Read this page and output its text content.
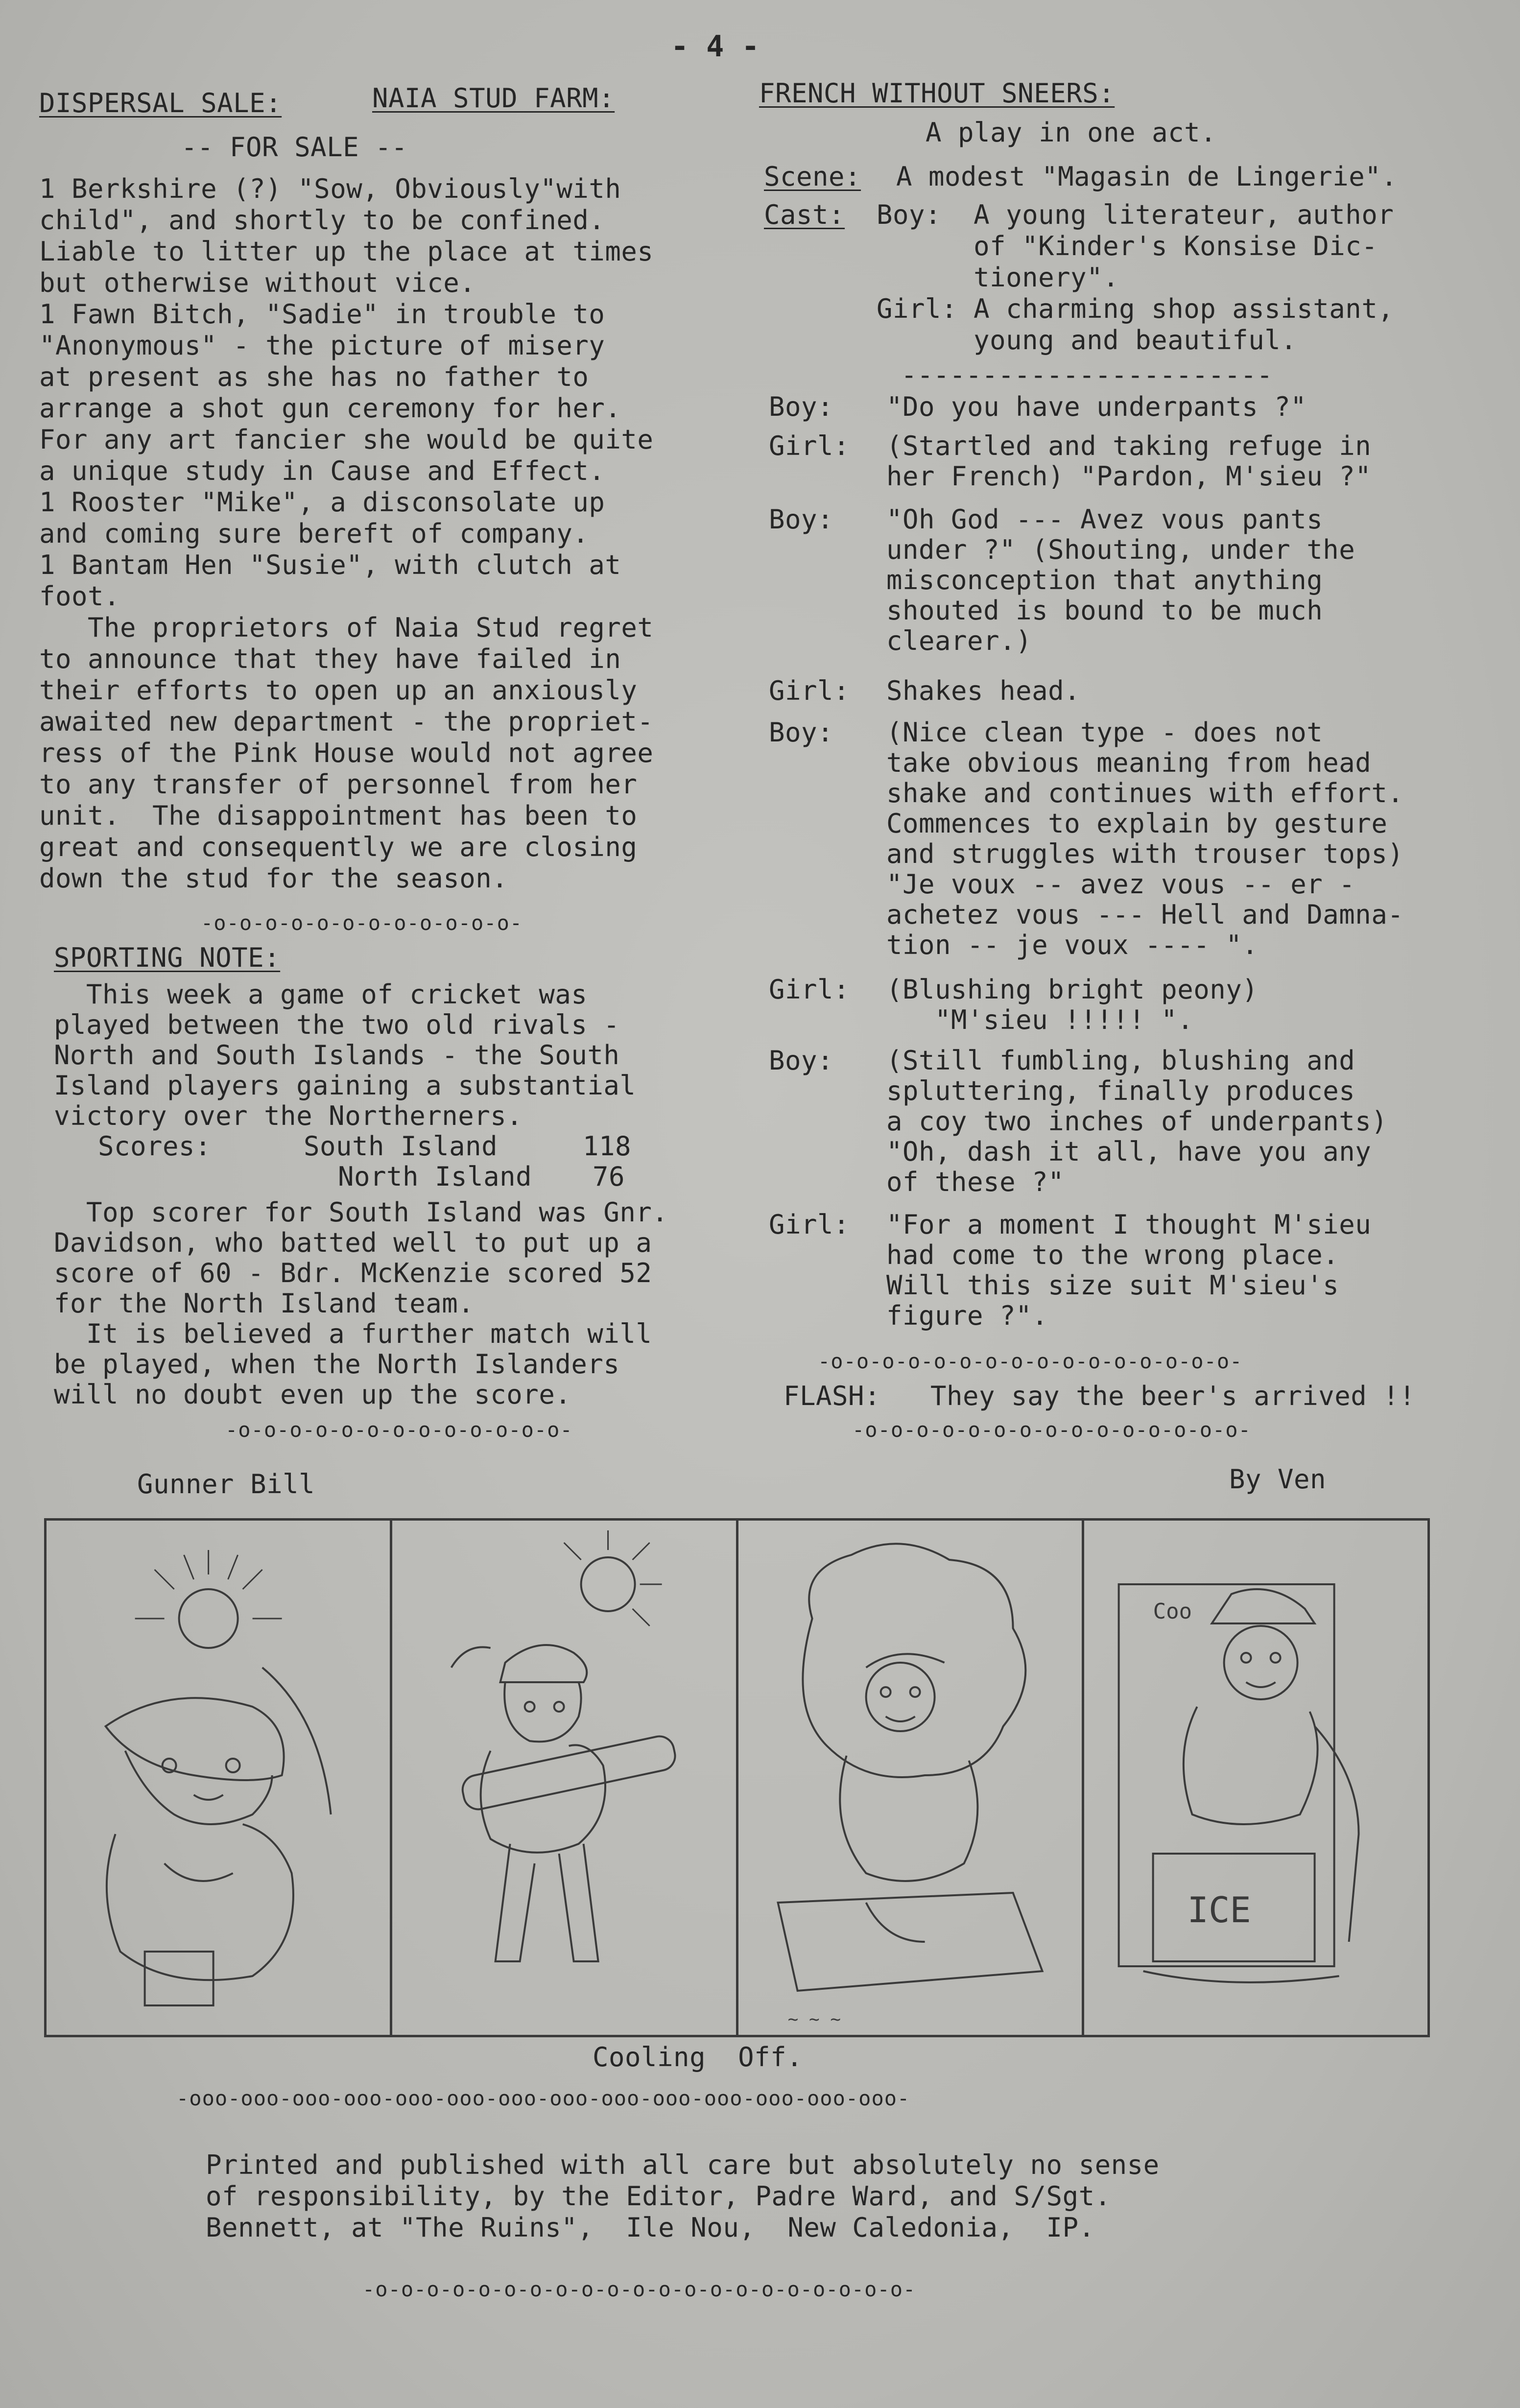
- 4 -
DISPERSAL SALE:	NAIA STUD FARM:
-- FOR SALE --
1 Berkshire (?) "Sow, Obviously"with
child", and shortly to be confined.
Liable to litter up the place at times
but otherwise without vice.
1 Fawn Bitch, "Sadie" in trouble to
"Anonymous" - the picture of misery
at present as she has no father to
arrange a shot gun ceremony for her.
For any art fancier she would be quite
a unique study in Cause and Effect.
1 Rooster "Mike", a disconsolate up
and coming sure bereft of company.
1 Bantam Hen "Susie", with clutch at
foot.
The proprietors of Naia Stud regret
to announce that they have failed in
their efforts to open up an anxiously
awaited new department - the propriet-
ress of the Pink House would not agree
to any transfer of personnel from her
unit.  The disappointment has been to
great and consequently we are closing
down the stud for the season.
-o-o-o-o-o-o-o-o-o-o-o-o-
SPORTING NOTE:
This week a game of cricket was
played between the two old rivals -
North and South Islands - the South
Island players gaining a substantial
victory over the Northerners.
Scores:	South Island	118
North Island 76
Top scorer for South Island was Gnr.
Davidson, who batted well to put up a
score of 60 - Bdr. McKenzie scored 52
for the North Island team.
It is believed a further match will
be played, when the North Islanders
will no doubt even up the score.
-o-o-o-o-o-o-o-o-o-o-o-o-o-
FRENCH WITHOUT SNEERS:
A play in one act.
Scene: A modest "Magasin de Lingerie".
Cast: Boy:  A young literateur, author
of "Kinder's Konsise Dic-
tionery".
Girl: A charming shop assistant,
young and beautiful.
-----------------------
Boy: "Do you have underpants ?"
Girl: (Startled and taking refuge in
her French) "Pardon, M'sieu ?"
Boy: "Oh God --- Avez vous pants
under ?" (Shouting, under the
misconception that anything
shouted is bound to be much
clearer.)
Girl: Shakes head.
Boy: (Nice clean type - does not
take obvious meaning from head
shake and continues with effort.
Commences to explain by gesture
and struggles with trouser tops)
"Je voux -- avez vous -- er -
achetez vous --- Hell and Damna-
tion -- je voux ---- ".
Girl: (Blushing bright peony)
"M'sieu !!!!! ".
Boy: (Still fumbling, blushing and
spluttering, finally produces
a coy two inches of underpants)
"Oh, dash it all, have you any
of these ?"
Girl: "For a moment I thought M'sieu
had come to the wrong place.
Will this size suit M'sieu's
figure ?".
-o-o-o-o-o-o-o-o-o-o-o-o-o-o-o-o-
FLASH: They say the beer's arrived !!
-o-o-o-o-o-o-o-o-o-o-o-o-o-o-o-
Gunner Bill	By Ven
~ ~ ~
Coo
ICE
Cooling  Off.
-ooo-ooo-ooo-ooo-ooo-ooo-ooo-ooo-ooo-ooo-ooo-ooo-ooo-ooo-
Printed and published with all care but absolutely no sense
of responsibility, by the Editor, Padre Ward, and S/Sgt.
Bennett, at "The Ruins",  Ile Nou,  New Caledonia,  IP.
-o-o-o-o-o-o-o-o-o-o-o-o-o-o-o-o-o-o-o-o-o-
